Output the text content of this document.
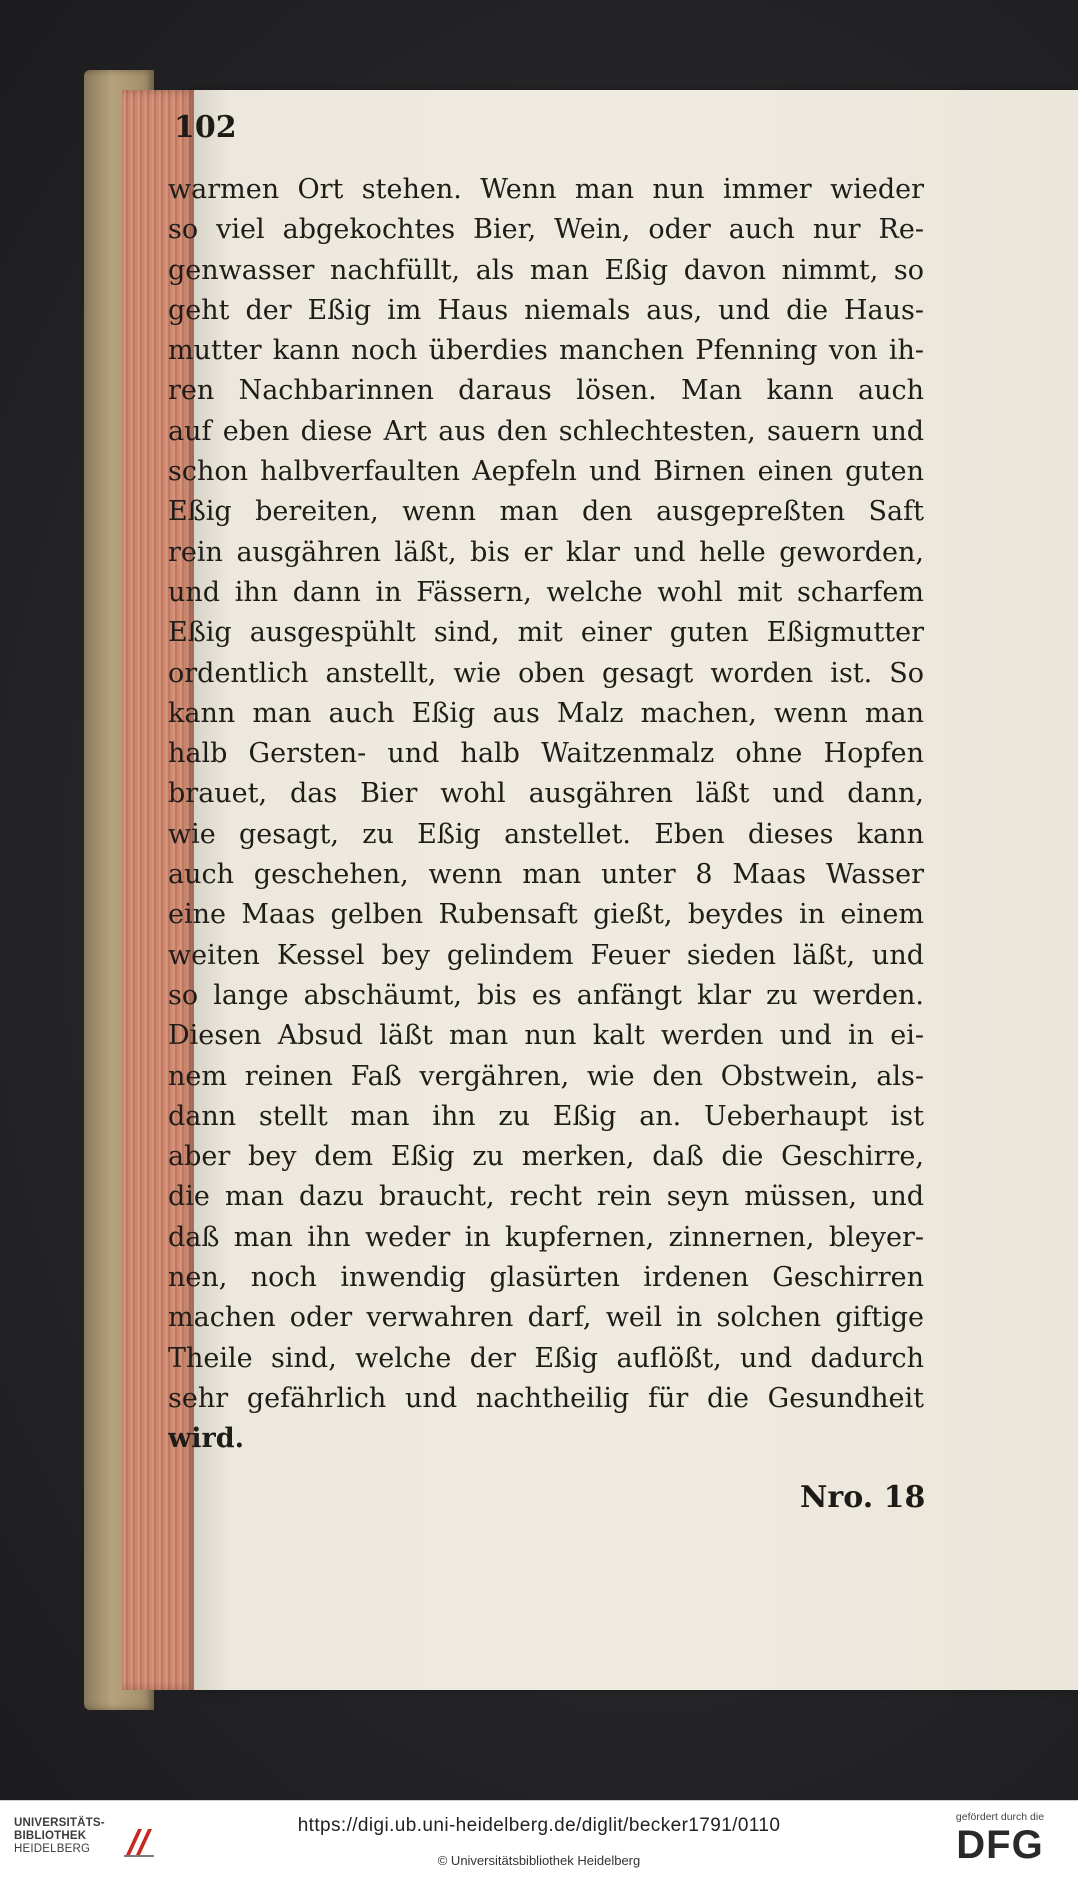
102
warmen Ort stehen. Wenn man nun immer wieder
so viel abgekochtes Bier, Wein, oder auch nur Re-
genwasser nachfüllt, als man Eßig davon nimmt, so
geht der Eßig im Haus niemals aus, und die Haus-
mutter kann noch überdies manchen Pfenning von ih-
ren Nachbarinnen daraus lösen. Man kann auch
auf eben diese Art aus den schlechtesten, sauern und
schon halbverfaulten Aepfeln und Birnen einen guten
Eßig bereiten, wenn man den ausgepreßten Saft
rein ausgähren läßt, bis er klar und helle geworden,
und ihn dann in Fässern, welche wohl mit scharfem
Eßig ausgespühlt sind, mit einer guten Eßigmutter
ordentlich anstellt, wie oben gesagt worden ist. So
kann man auch Eßig aus Malz machen, wenn man
halb Gersten- und halb Waitzenmalz ohne Hopfen
brauet, das Bier wohl ausgähren läßt und dann,
wie gesagt, zu Eßig anstellet. Eben dieses kann
auch geschehen, wenn man unter 8 Maas Wasser
eine Maas gelben Rubensaft gießt, beydes in einem
weiten Kessel bey gelindem Feuer sieden läßt, und
so lange abschäumt, bis es anfängt klar zu werden.
Diesen Absud läßt man nun kalt werden und in ei-
nem reinen Faß vergähren, wie den Obstwein, als-
dann stellt man ihn zu Eßig an. Ueberhaupt ist
aber bey dem Eßig zu merken, daß die Geschirre,
die man dazu braucht, recht rein seyn müssen, und
daß man ihn weder in kupfernen, zinnernen, bleyer-
nen, noch inwendig glasürten irdenen Geschirren
machen oder verwahren darf, weil in solchen giftige
Theile sind, welche der Eßig auflößt, und dadurch
sehr gefährlich und nachtheilig für die Gesundheit
wird.
Nro. 18
UNIVERSITÄTS-
BIBLIOTHEK
HEIDELBERG
https://digi.ub.uni-heidelberg.de/diglit/becker1791/0110
© Universitätsbibliothek Heidelberg
gefördert durch die
DFG
